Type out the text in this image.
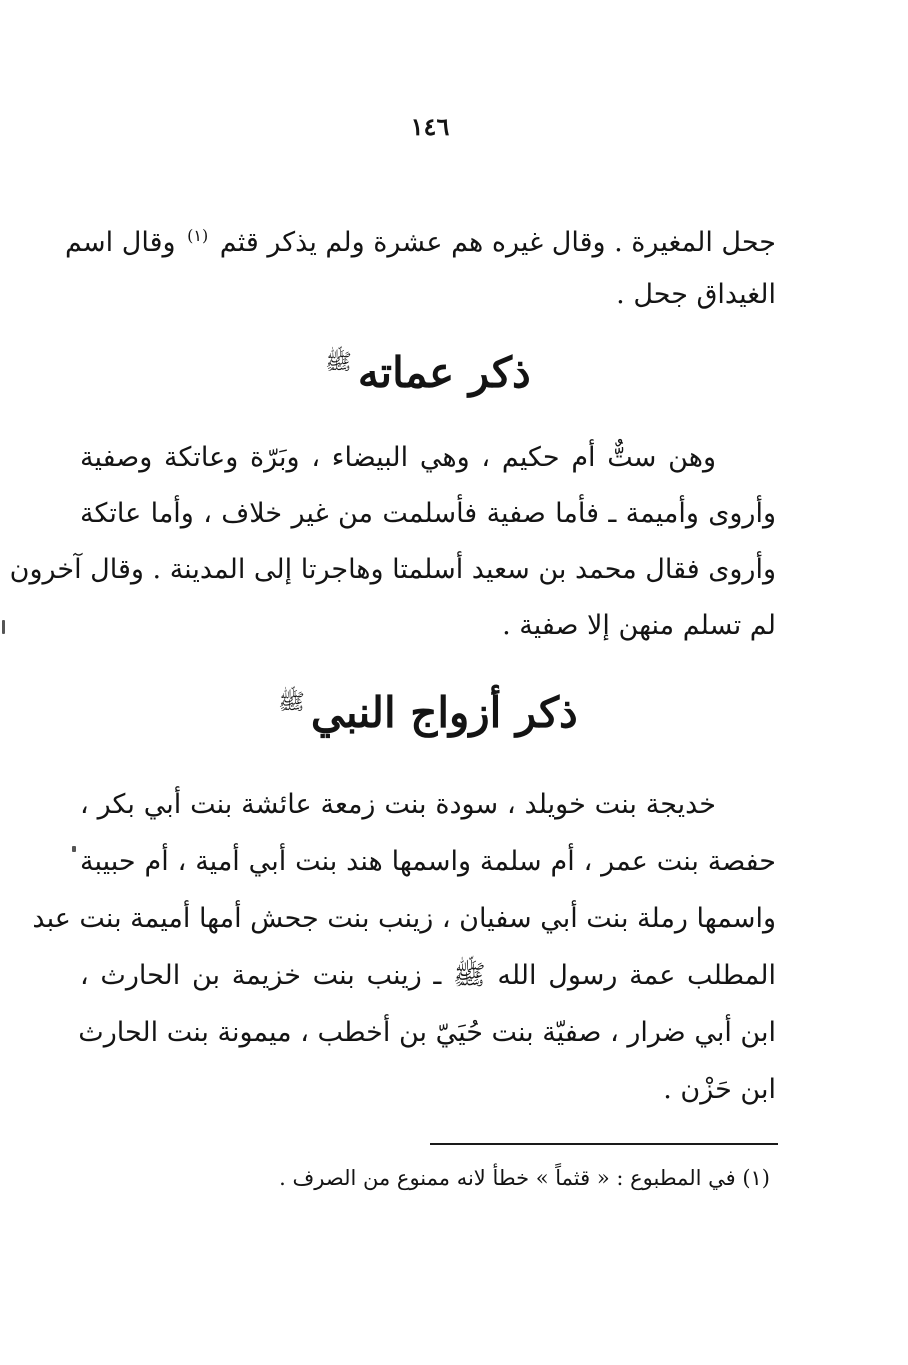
١٤٦
جحل المغيرة . وقال غيره هم عشرة ولم يذكر قثم $^{(١)}$ وقال اسم
الغيداق جحل .
ذكر عماته$^ﷺ$
وهن ستٌّ أم حكيم ، وهي البيضاء ، وبَرّة وعاتكة وصفية
وأروى وأميمة ـ فأما صفية فأسلمت من غير خلاف ، وأما عاتكة
وأروى فقال محمد بن سعيد أسلمتا وهاجرتا إلى المدينة . وقال آخرون
لم تسلم منهن إلا صفية .
ذكر أزواج النبي$^ﷺ$
خديجة بنت خويلد ، سودة بنت زمعة عائشة بنت أبي بكر ،
حفصة بنت عمر ، أم سلمة واسمها هند بنت أبي أمية ، أم حبيبة
واسمها رملة بنت أبي سفيان ، زينب بنت جحش أمها أميمة بنت عبد
المطلب عمة رسول الله ﷺ ـ زينب بنت خزيمة بن الحارث ،
ابن أبي ضرار ، صفيّة بنت حُيَيّ بن أخطب ، ميمونة بنت الحارث
ابن حَزْن .
(١) في المطبوع : « قثماً » خطأ لانه ممنوع من الصرف .
